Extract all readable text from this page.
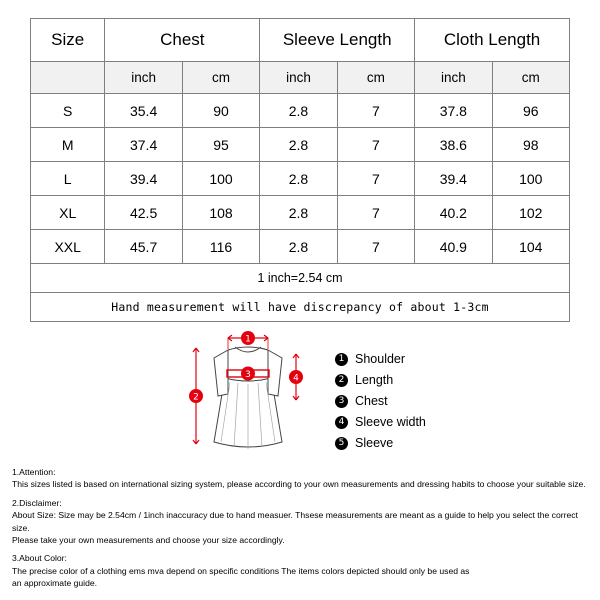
Size	Chest		Sleeve Length		Cloth Length	
	inch	cm	inch	cm	inch	cm
S	35.4	90	2.8	7	37.8	96
M	37.4	95	2.8	7	38.6	98
L	39.4	100	2.8	7	39.4	100
XL	42.5	108	2.8	7	40.2	102
XXL	45.7	116	2.8	7	40.9	104
1 inch=2.54 cm						
Hand measurement will have discrepancy of about 1-3cm						
1
2
3	4
1 Shoulder
2 Length
3 Chest
4 Sleeve width
5 Sleeve

1.Attention:

This sizes listed is based on international sizing system, please according to your own measurements and dressing habits to choose your suitable size.

2.Disclaimer:

About Size: Size may be 2.54cm / 1inch inaccuracy due to hand measuer. Thsese measurements are meant as a guide to help you select the correct size.

Please take your own measurements and choose your size accordingly.

3.About Color:

The precise color of a clothing ems mva depend on specific conditions The items colors depicted should only be used as

an approximate guide.
